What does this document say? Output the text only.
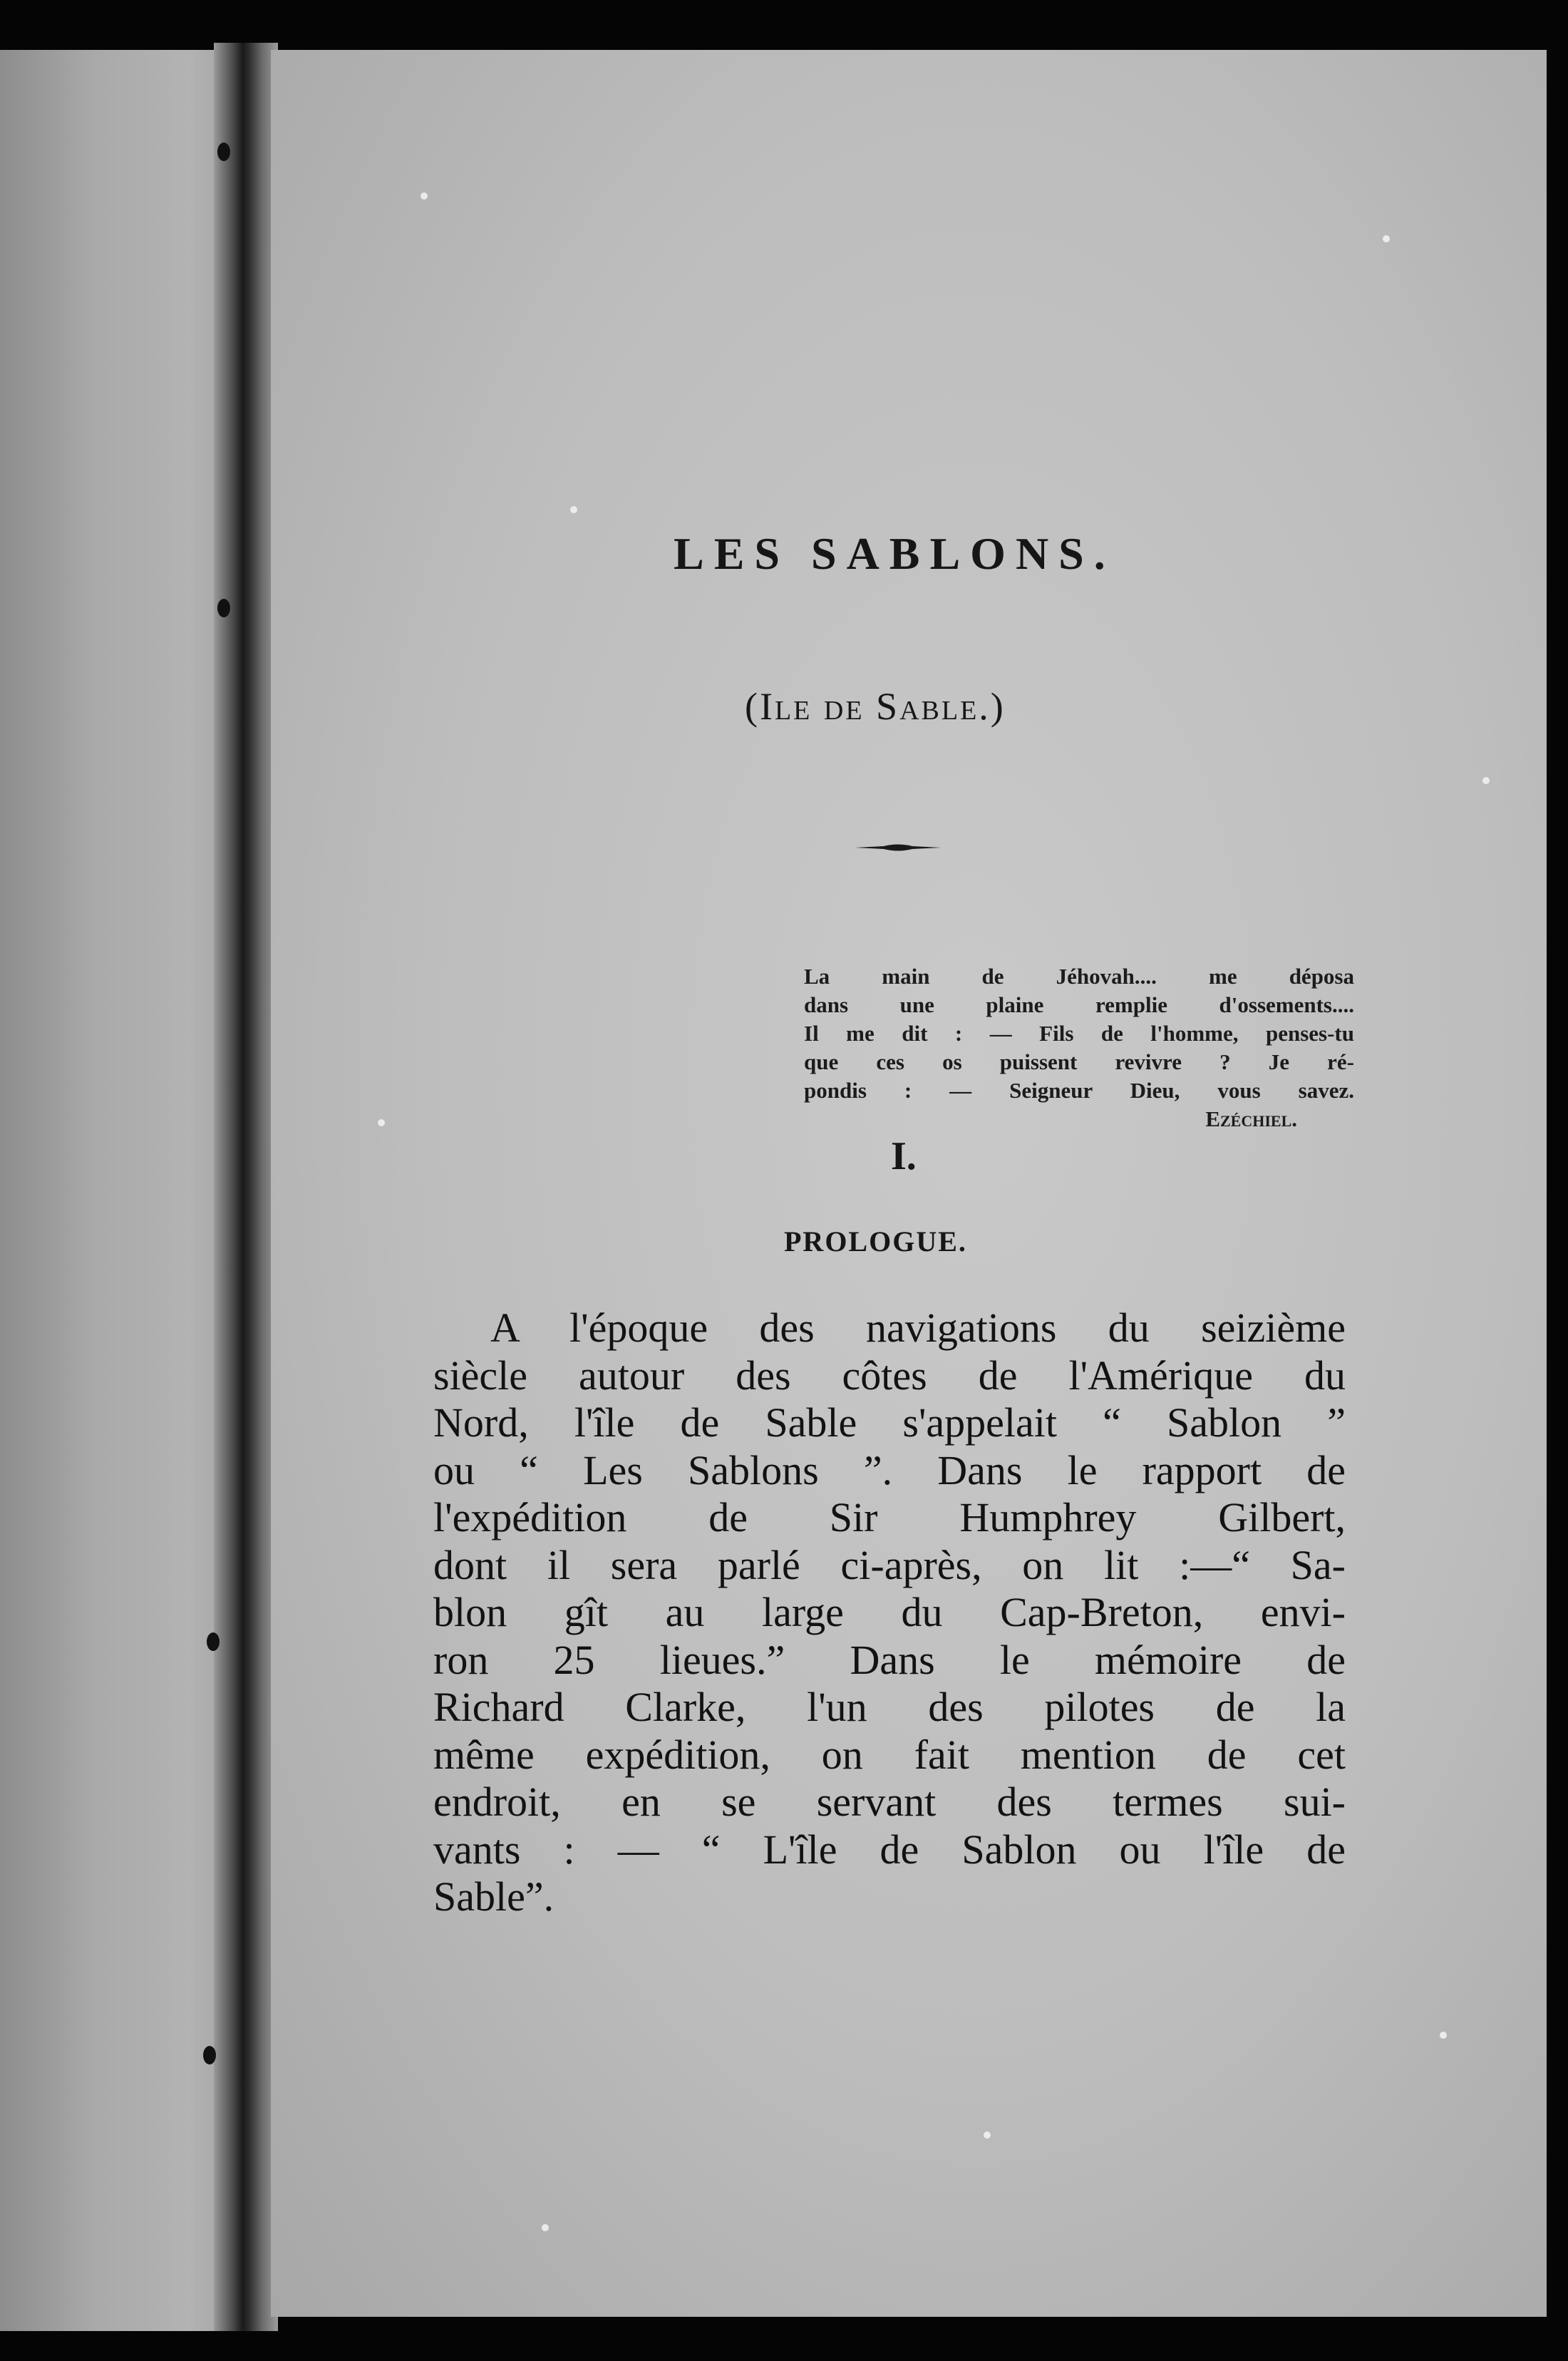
LES SABLONS.
(Ile de Sable.)
La main de Jéhovah.... me déposa
dans une plaine remplie d'ossements....
Il me dit : — Fils de l'homme, penses-tu
que ces os puissent revivre ? Je ré-
pondis : — Seigneur Dieu, vous savez.
Ezéchiel.
I.
PROLOGUE.
A l'époque des navigations du seizième
siècle autour des côtes de l'Amérique du
Nord, l'île de Sable s'appelait “ Sablon ”
ou “ Les Sablons ”. Dans le rapport de
l'expédition de Sir Humphrey Gilbert,
dont il sera parlé ci-après, on lit :—“ Sa-
blon gît au large du Cap-Breton, envi-
ron 25 lieues.” Dans le mémoire de
Richard Clarke, l'un des pilotes de la
même expédition, on fait mention de cet
endroit, en se servant des termes sui-
vants : — “ L'île de Sablon ou l'île de
Sable”.
